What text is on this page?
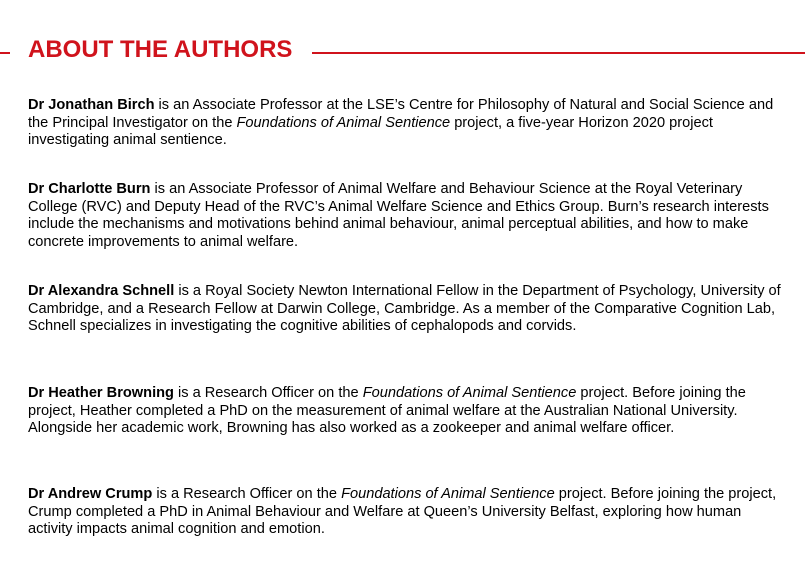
ABOUT THE AUTHORS

Dr Jonathan Birch is an Associate Professor at the LSE’s Centre for Philosophy of Natural and Social Science and the Principal Investigator on the Foundations of Animal Sentience project, a five-year Horizon 2020 project investigating animal sentience.

Dr Charlotte Burn is an Associate Professor of Animal Welfare and Behaviour Science at the Royal Veterinary College (RVC) and Deputy Head of the RVC’s Animal Welfare Science and Ethics Group. Burn’s research interests include the mechanisms and motivations behind animal behaviour, animal perceptual abilities, and how to make concrete improvements to animal welfare.

Dr Alexandra Schnell is a Royal Society Newton International Fellow in the Department of Psychology, University of Cambridge, and a Research Fellow at Darwin College, Cambridge. As a member of the Comparative Cognition Lab, Schnell specializes in investigating the cognitive abilities of cephalopods and corvids.

Dr Heather Browning is a Research Officer on the Foundations of Animal Sentience project. Before joining the project, Heather completed a PhD on the measurement of animal welfare at the Australian National University. Alongside her academic work, Browning has also worked as a zookeeper and animal welfare officer.

Dr Andrew Crump is a Research Officer on the Foundations of Animal Sentience project. Before joining the project, Crump completed a PhD in Animal Behaviour and Welfare at Queen’s University Belfast, exploring how human activity impacts animal cognition and emotion.
